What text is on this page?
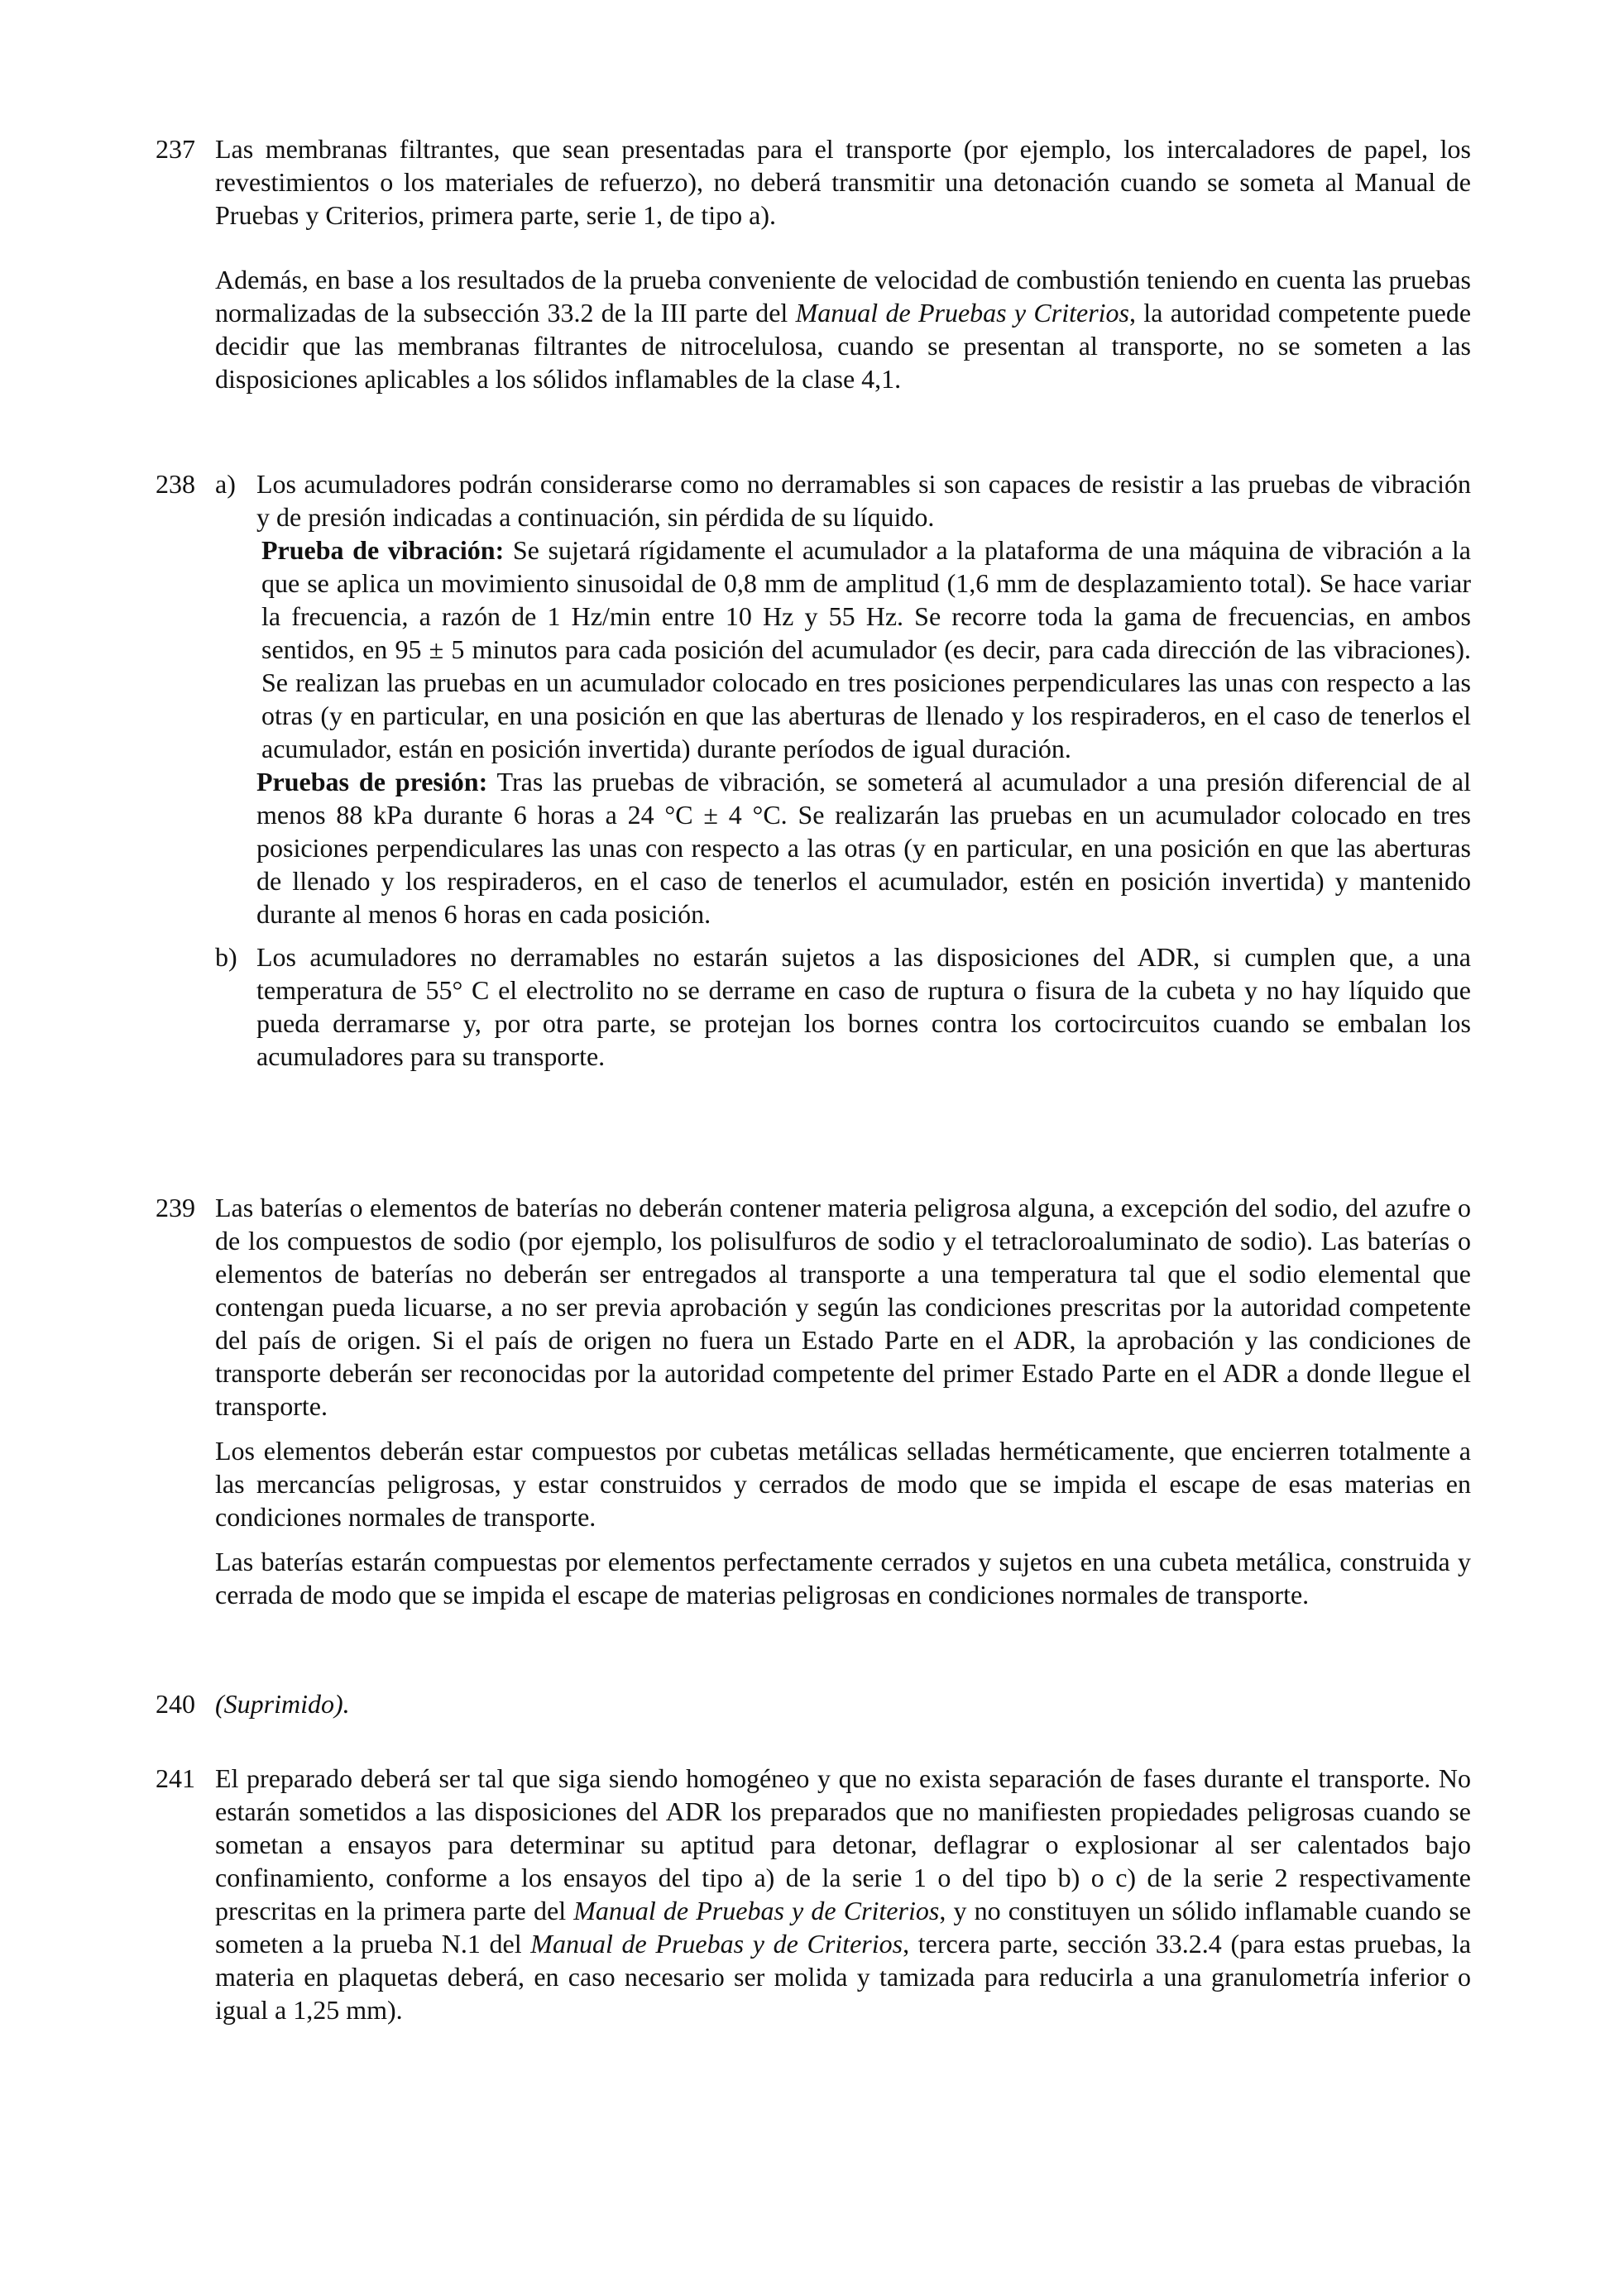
237 Las membranas filtrantes, que sean presentadas para el transporte (por ejemplo, los intercaladores de papel, los revestimientos o los materiales de refuerzo), no deberá transmitir una detonación cuando se someta al Manual de Pruebas y Criterios, primera parte, serie 1, de tipo a).

Además, en base a los resultados de la prueba conveniente de velocidad de combustión teniendo en cuenta las pruebas normalizadas de la subsección 33.2 de la III parte del Manual de Pruebas y Criterios, la autoridad competente puede decidir que las membranas filtrantes de nitrocelulosa, cuando se presentan al transporte, no se someten a las disposiciones aplicables a los sólidos inflamables de la clase 4,1.

238 a) Los acumuladores podrán considerarse como no derramables si son capaces de resistir a las pruebas de vibración y de presión indicadas a continuación, sin pérdida de su líquido.

Prueba de vibración: Se sujetará rígidamente el acumulador a la plataforma de una máquina de vibración a la que se aplica un movimiento sinusoidal de 0,8 mm de amplitud (1,6 mm de desplazamiento total). Se hace variar la frecuencia, a razón de 1 Hz/min entre 10 Hz y 55 Hz. Se recorre toda la gama de frecuencias, en ambos sentidos, en 95 ± 5 minutos para cada posición del acumulador (es decir, para cada dirección de las vibraciones). Se realizan las pruebas en un acumulador colocado en tres posiciones perpendiculares las unas con respecto a las otras (y en particular, en una posición en que las aberturas de llenado y los respiraderos, en el caso de tenerlos el acumulador, están en posición invertida) durante períodos de igual duración.

Pruebas de presión: Tras las pruebas de vibración, se someterá al acumulador a una presión diferencial de al menos 88 kPa durante 6 horas a 24 °C ± 4 °C. Se realizarán las pruebas en un acumulador colocado en tres posiciones perpendiculares las unas con respecto a las otras (y en particular, en una posición en que las aberturas de llenado y los respiraderos, en el caso de tenerlos el acumulador, estén en posición invertida) y mantenido durante al menos 6 horas en cada posición.

b) Los acumuladores no derramables no estarán sujetos a las disposiciones del ADR, si cumplen que, a una temperatura de 55° C el electrolito no se derrame en caso de ruptura o fisura de la cubeta y no hay líquido que pueda derramarse y, por otra parte, se protejan los bornes contra los cortocircuitos cuando se embalan los acumuladores para su transporte.

239 Las baterías o elementos de baterías no deberán contener materia peligrosa alguna, a excepción del sodio, del azufre o de los compuestos de sodio (por ejemplo, los polisulfuros de sodio y el tetracloroaluminato de sodio). Las baterías o elementos de baterías no deberán ser entregados al transporte a una temperatura tal que el sodio elemental que contengan pueda licuarse, a no ser previa aprobación y según las condiciones prescritas por la autoridad competente del país de origen. Si el país de origen no fuera un Estado Parte en el ADR, la aprobación y las condiciones de transporte deberán ser reconocidas por la autoridad competente del primer Estado Parte en el ADR a donde llegue el transporte.

Los elementos deberán estar compuestos por cubetas metálicas selladas herméticamente, que encierren totalmente a las mercancías peligrosas, y estar construidos y cerrados de modo que se impida el escape de esas materias en condiciones normales de transporte.

Las baterías estarán compuestas por elementos perfectamente cerrados y sujetos en una cubeta metálica, construida y cerrada de modo que se impida el escape de materias peligrosas en condiciones normales de transporte.

240 (Suprimido).

241 El preparado deberá ser tal que siga siendo homogéneo y que no exista separación de fases durante el transporte. No estarán sometidos a las disposiciones del ADR los preparados que no manifiesten propiedades peligrosas cuando se sometan a ensayos para determinar su aptitud para detonar, deflagrar o explosionar al ser calentados bajo confinamiento, conforme a los ensayos del tipo a) de la serie 1 o del tipo b) o c) de la serie 2 respectivamente prescritas en la primera parte del Manual de Pruebas y de Criterios, y no constituyen un sólido inflamable cuando se someten a la prueba N.1 del Manual de Pruebas y de Criterios, tercera parte, sección 33.2.4 (para estas pruebas, la materia en plaquetas deberá, en caso necesario ser molida y tamizada para reducirla a una granulometría inferior o igual a 1,25 mm).
